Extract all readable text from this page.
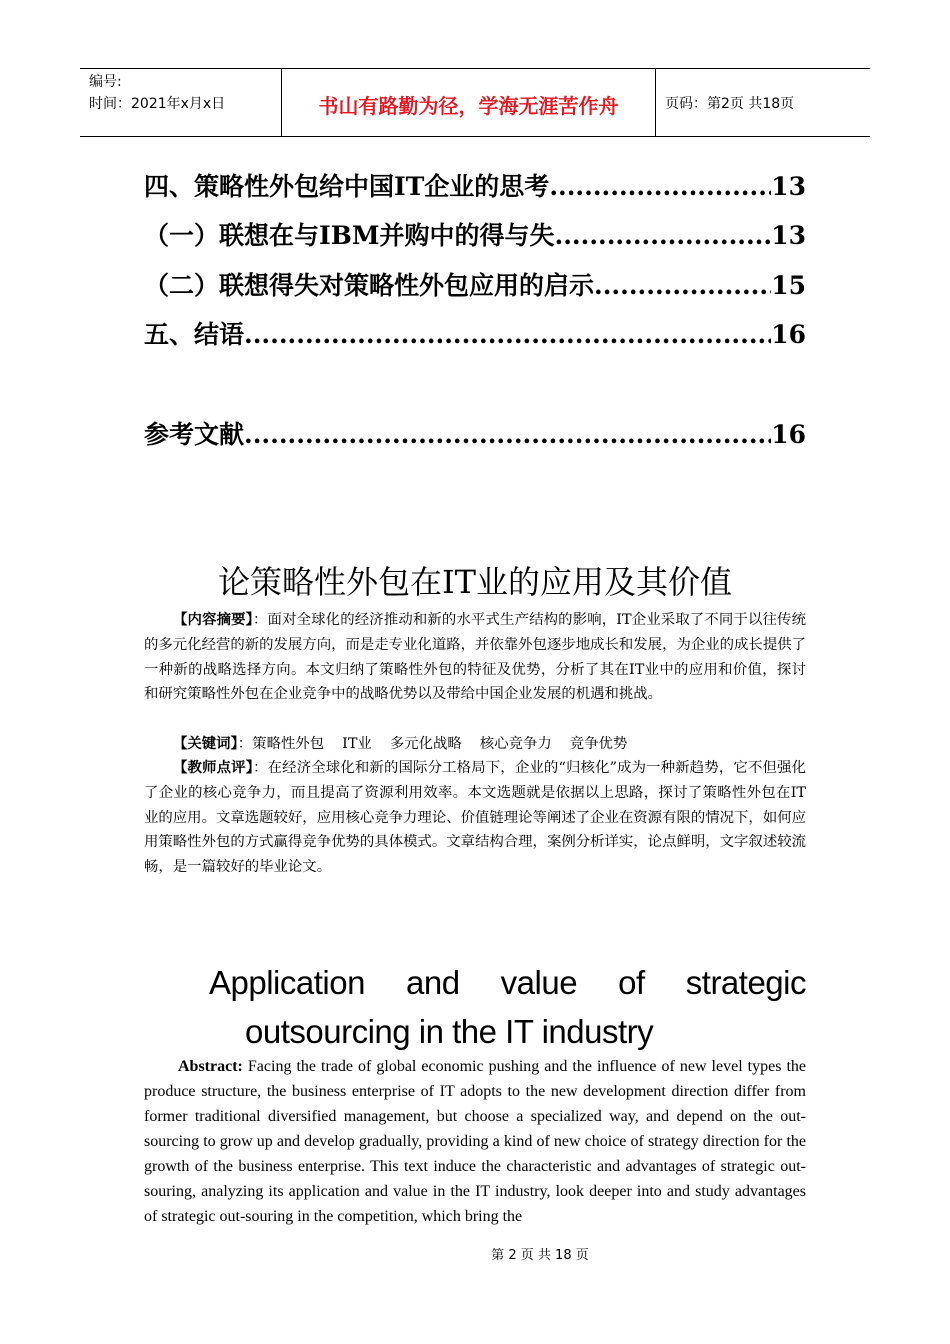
编号:
时间：2021年x月x日	书山有路勤为径，学海无涯苦作舟	页码：第2页 共18页
四、策略性外包给中国IT企业的思考 .....	13
（一）联想在与IBM并购中的得与失 .....	13
（二）联想得失对策略性外包应用的启示 .....	15
五、结语 .....	16
参考文献 .....	16
论策略性外包在IT业的应用及其价值
【内容摘要】：面对全球化的经济推动和新的水平式生产结构的影响，IT企业采取了不同于以往传统的多元化经营的新的发展方向，而是走专业化道路，并依靠外包逐步地成长和发展，为企业的成长提供了一种新的战略选择方向。本文归纳了策略性外包的特征及优势，分析了其在IT业中的应用和价值，探讨和研究策略性外包在企业竞争中的战略优势以及带给中国企业发展的机遇和挑战。
【关键词】：策略性外包 IT业 多元化战略 核心竞争力 竞争优势
【教师点评】：在经济全球化和新的国际分工格局下，企业的“归核化”成为一种新趋势，它不但强化了企业的核心竞争力，而且提高了资源利用效率。本文选题就是依据以上思路，探讨了策略性外包在IT业的应用。文章选题较好，应用核心竞争力理论、价值链理论等阐述了企业在资源有限的情况下，如何应用策略性外包的方式赢得竞争优势的具体模式。文章结构合理，案例分析详实，论点鲜明，文字叙述较流畅，是一篇较好的毕业论文。
Application and value of strategic
outsourcing in the IT industry
Abstract: Facing the trade of global economic pushing and the influence of new level types the produce structure, the business enterprise of IT adopts to the new development direction differ from former traditional diversified management, but choose a specialized way, and depend on the out-sourcing to grow up and develop gradually, providing a kind of new choice of strategy direction for the growth of the business enterprise. This text induce the characteristic and advantages of strategic out-souring, analyzing its application and value in the IT industry, look deeper into and study advantages of strategic out-souring in the competition, which bring the
第 2 页 共 18 页
